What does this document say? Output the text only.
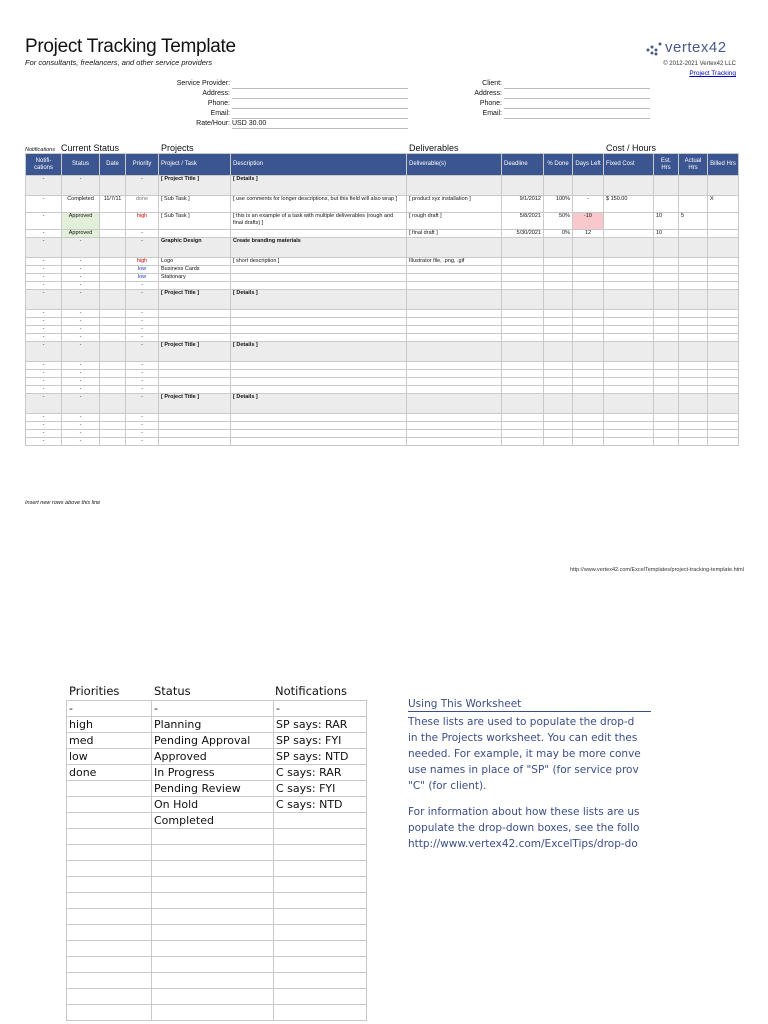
Project Tracking Template
For consultants, freelancers, and other service providers
vertex42
© 2012-2021 Vertex42 LLC
Project Tracking
Service Provider:
Address:
Phone:
Email:
Rate/Hour: USD 30.00
Client:
Address:
Phone:
Email:
Notifications Current Status	Projects	Deliverables	Cost / Hours
Notifi-
cations	Status	Date	Priority	Project / Task	Description	Deliverable(s)	Deadline	% Done	Days Left	Fixed Cost	Est. Hrs	Actual Hrs	Billed Hrs
-	-		-	[ Project Title ]	[ Details ]								
-	Completed	11/7/11	done	[ Sub Task ]	[ use comments for longer descriptions, but this field will also wrap ]	[ product xyz installation ]	9/1/2012	100%	-	$ 150.00			X
-	Approved		high	[ Sub Task ]	[ this is an example of a task with multiple deliverables (rough and final drafts) ]	[ rough draft ]	5/8/2021	50%	-10		10	5	
-	Approved		-			[ final draft ]	5/30/2021	0%	12		10		
-	-		-	Graphic Design	Create branding materials								
-	-		high	Logo	[ short description ]	Illustrator file, .png, .gif							
-	-		low	Business Cards									
-	-		low	Stationary									
-	-		-										
-	-		-	[ Project Title ]	[ Details ]								
-	-		-										
-	-		-										
-	-		-										
-	-		-										
-	-		-	[ Project Title ]	[ Details ]								
-	-		-										
-	-		-										
-	-		-										
-	-		-										
-	-		-	[ Project Title ]	[ Details ]								
-	-		-										
-	-		-										
-	-		-										
-	-		-										
Insert new rows above this line
http://www.vertex42.com/ExcelTemplates/project-tracking-template.html
Priorities	Status	Notifications
-	-	-
high	Planning	SP says: RAR
med	Pending Approval	SP says: FYI
low	Approved	SP says: NTD
done	In Progress	C says: RAR
	Pending Review	C says: FYI
	On Hold	C says: NTD
	Completed	

Using This Worksheet

These lists are used to populate the drop-d

in the Projects worksheet. You can edit thes

needed. For example, it may be more conve

use names in place of "SP" (for service prov

"C" (for client).

For information about how these lists are us

populate the drop-down boxes, see the follo

http://www.vertex42.com/ExcelTips/drop-do
